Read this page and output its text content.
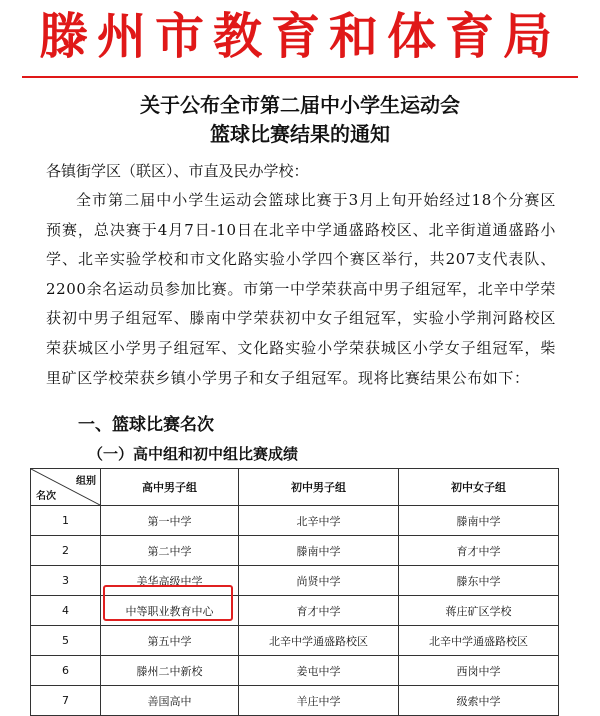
滕州市教育和体育局
关于公布全市第二届中小学生运动会
篮球比赛结果的通知
各镇街学区（联区）、市直及民办学校：
全市第二届中小学生运动会篮球比赛于3月上旬开始经过18个分赛区预赛，总决赛于4月7日-10日在北辛中学通盛路校区、北辛街道通盛路小学、北辛实验学校和市文化路实验小学四个赛区举行，共207支代表队、2200余名运动员参加比赛。市第一中学荣获高中男子组冠军，北辛中学荣获初中男子组冠军、滕南中学荣获初中女子组冠军，实验小学荆河路校区荣获城区小学男子组冠军、文化路实验小学荣获城区小学女子组冠军，柴里矿区学校荣获乡镇小学男子和女子组冠军。现将比赛结果公布如下：
一、篮球比赛名次
（一）高中组和初中组比赛成绩
组别
名次	高中男子组	初中男子组	初中女子组
1	第一中学	北辛中学	滕南中学
2	第二中学	滕南中学	育才中学
3	美华高级中学	尚贤中学	滕东中学
4	中等职业教育中心	育才中学	蒋庄矿区学校
5	第五中学	北辛中学通盛路校区	北辛中学通盛路校区
6	滕州二中新校	姜屯中学	西岗中学
7	善国高中	羊庄中学	级索中学
